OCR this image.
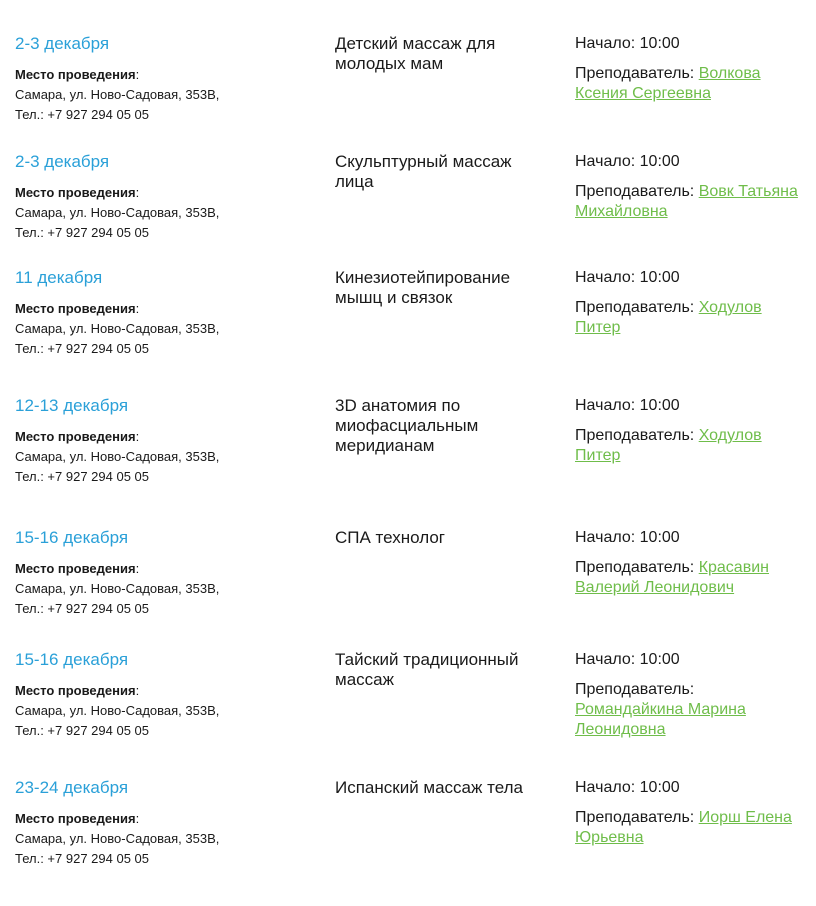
2-3 декабря
Место проведения:
Самара, ул. Ново-Садовая, 353В,
Тел.: +7 927 294 05 05
Детский массаж для молодых мам
Начало: 10:00
Преподаватель: Волкова Ксения Сергеевна
2-3 декабря
Место проведения:
Самара, ул. Ново-Садовая, 353В,
Тел.: +7 927 294 05 05
Скульптурный массаж лица
Начало: 10:00
Преподаватель: Вовк Татьяна Михайловна
11 декабря
Место проведения:
Самара, ул. Ново-Садовая, 353В,
Тел.: +7 927 294 05 05
Кинезиотейпирование мышц и связок
Начало: 10:00
Преподаватель: Ходулов Питер
12-13 декабря
Место проведения:
Самара, ул. Ново-Садовая, 353В,
Тел.: +7 927 294 05 05
3D анатомия по миофасциальным меридианам
Начало: 10:00
Преподаватель: Ходулов Питер
15-16 декабря
Место проведения:
Самара, ул. Ново-Садовая, 353В,
Тел.: +7 927 294 05 05
СПА технолог	Начало: 10:00
Преподаватель: Красавин Валерий Леонидович
15-16 декабря
Место проведения:
Самара, ул. Ново-Садовая, 353В,
Тел.: +7 927 294 05 05
Тайский традиционный массаж
Начало: 10:00
Преподаватель: Романдайкина Марина Леонидовна
23-24 декабря
Место проведения:
Самара, ул. Ново-Садовая, 353В,
Тел.: +7 927 294 05 05
Испанский массаж тела	Начало: 10:00
Преподаватель: Иорш Елена Юрьевна
